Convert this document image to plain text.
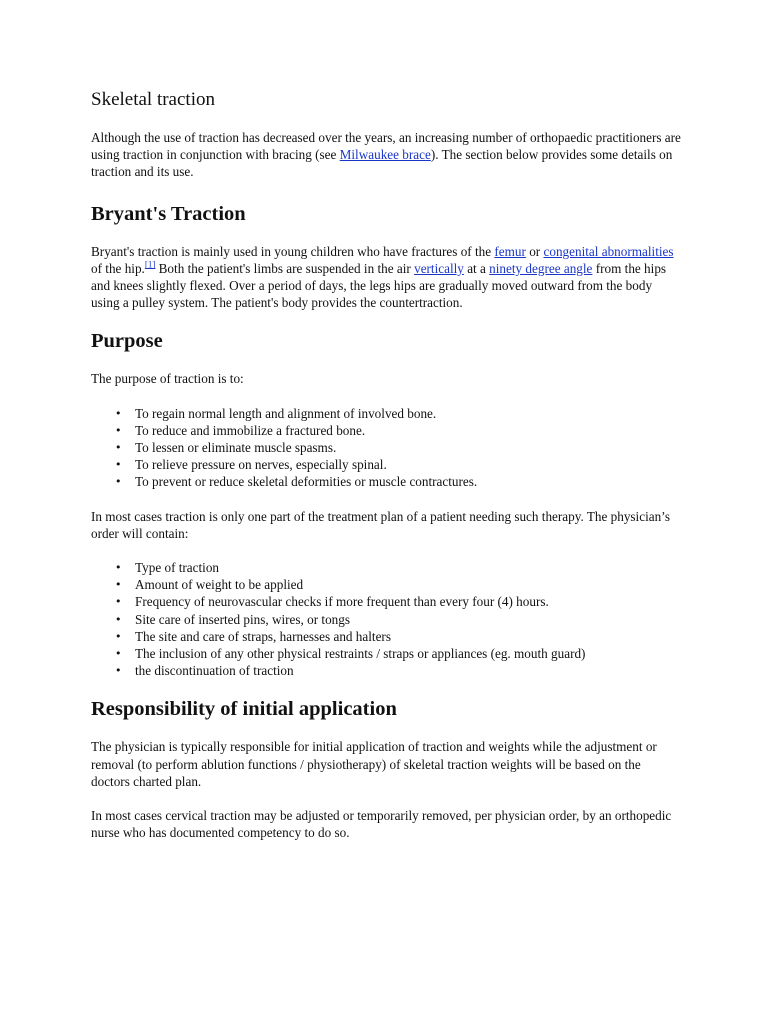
Skeletal traction

Although the use of traction has decreased over the years, an increasing number of orthopaedic practitioners are using traction in conjunction with bracing (see Milwaukee brace). The section below provides some details on traction and its use.

Bryant's Traction

Bryant's traction is mainly used in young children who have fractures of the femur or congenital abnormalities of the hip.[1] Both the patient's limbs are suspended in the air vertically at a ninety degree angle from the hips and knees slightly flexed. Over a period of days, the legs hips are gradually moved outward from the body using a pulley system. The patient's body provides the countertraction.

Purpose

The purpose of traction is to:

• To regain normal length and alignment of involved bone.
• To reduce and immobilize a fractured bone.
• To lessen or eliminate muscle spasms.
• To relieve pressure on nerves, especially spinal.
• To prevent or reduce skeletal deformities or muscle contractures.

In most cases traction is only one part of the treatment plan of a patient needing such therapy. The physician’s order will contain:

• Type of traction
• Amount of weight to be applied
• Frequency of neurovascular checks if more frequent than every four (4) hours.
• Site care of inserted pins, wires, or tongs
• The site and care of straps, harnesses and halters
• The inclusion of any other physical restraints / straps or appliances (eg. mouth guard)
• the discontinuation of traction
Responsibility of initial application

The physician is typically responsible for initial application of traction and weights while the adjustment or removal (to perform ablution functions / physiotherapy) of skeletal traction weights will be based on the doctors charted plan.

In most cases cervical traction may be adjusted or temporarily removed, per physician order, by an orthopedic nurse who has documented competency to do so.
